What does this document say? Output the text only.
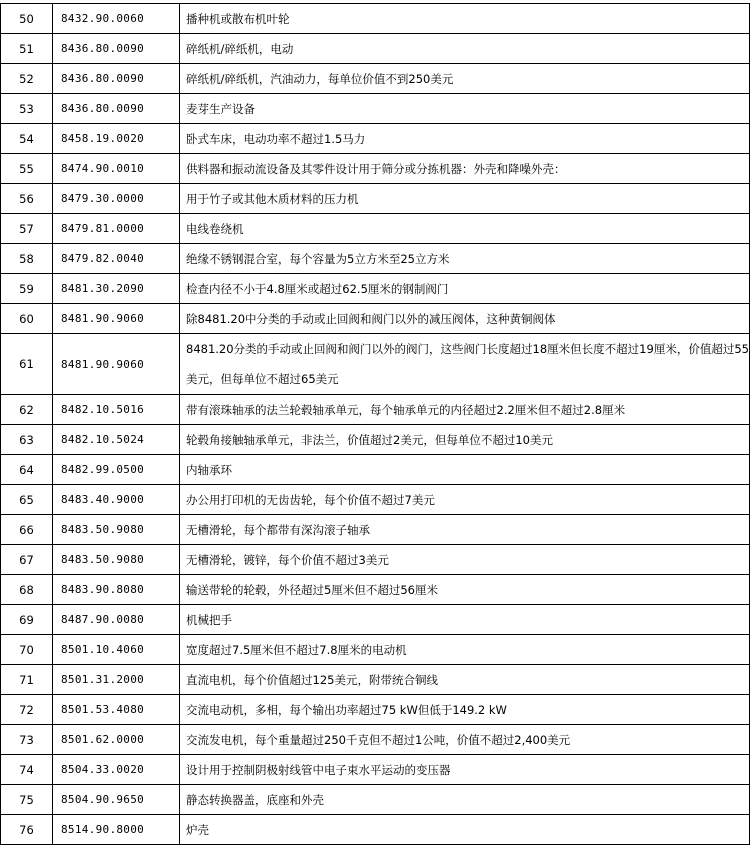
50	8432.90.0060	播种机或散布机叶轮
51	8436.80.0090	碎纸机/碎纸机，电动
52	8436.80.0090	碎纸机/碎纸机，汽油动力，每单位价值不到250美元
53	8436.80.0090	麦芽生产设备
54	8458.19.0020	卧式车床，电动功率不超过1.5马力
55	8474.90.0010	供料器和振动流设备及其零件设计用于筛分或分拣机器：外壳和降噪外壳：
56	8479.30.0000	用于竹子或其他木质材料的压力机
57	8479.81.0000	电线卷绕机
58	8479.82.0040	绝缘不锈钢混合室，每个容量为5立方米至25立方米
59	8481.30.2090	检查内径不小于4.8厘米或超过62.5厘米的钢制阀门
60	8481.90.9060	除8481.20中分类的手动或止回阀和阀门以外的减压阀体，这种黄铜阀体
61	8481.90.9060	8481.20分类的手动或止回阀和阀门以外的阀门，这些阀门长度超过18厘米但长度不超过19厘米，价值超过55美元，但每单位不超过65美元
62	8482.10.5016	带有滚珠轴承的法兰轮毂轴承单元，每个轴承单元的内径超过2.2厘米但不超过2.8厘米
63	8482.10.5024	轮毂角接触轴承单元，非法兰，价值超过2美元，但每单位不超过10美元
64	8482.99.0500	内轴承环
65	8483.40.9000	办公用打印机的无齿齿轮，每个价值不超过7美元
66	8483.50.9080	无槽滑轮，每个都带有深沟滚子轴承
67	8483.50.9080	无槽滑轮，镀锌，每个价值不超过3美元
68	8483.90.8080	输送带轮的轮毂，外径超过5厘米但不超过56厘米
69	8487.90.0080	机械把手
70	8501.10.4060	宽度超过7.5厘米但不超过7.8厘米的电动机
71	8501.31.2000	直流电机，每个价值超过125美元，附带统合铜线
72	8501.53.4080	交流电动机，多相，每个输出功率超过75 kW但低于149.2 kW
73	8501.62.0000	交流发电机，每个重量超过250千克但不超过1公吨，价值不超过2,400美元
74	8504.33.0020	设计用于控制阴极射线管中电子束水平运动的变压器
75	8504.90.9650	静态转换器盖，底座和外壳
76	8514.90.8000	炉壳
